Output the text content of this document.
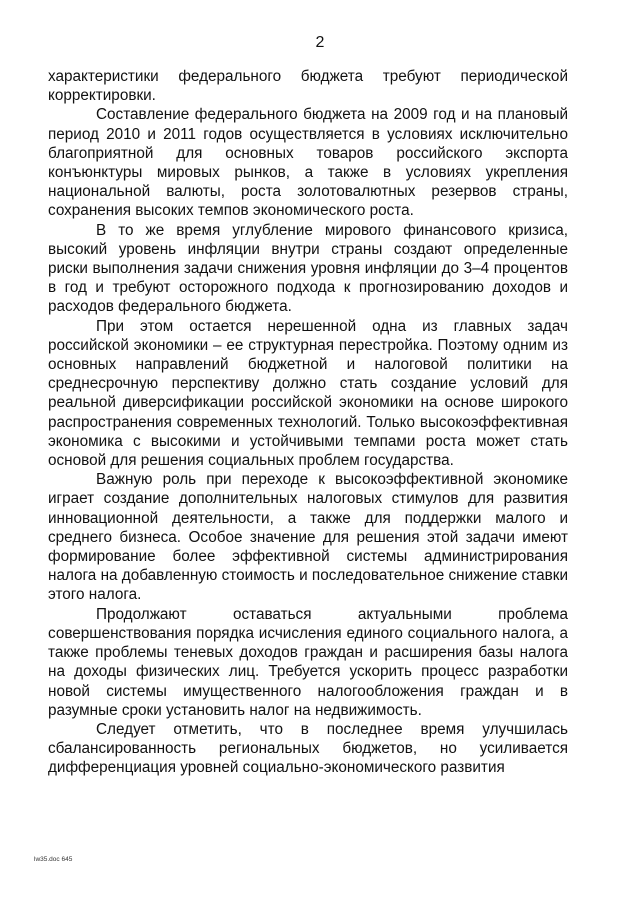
2

характеристики федерального бюджета требуют периодической корректировки.

Составление федерального бюджета на 2009 год и на плановый период 2010 и 2011 годов осуществляется в условиях исключительно благоприятной для основных товаров российского экспорта конъюнктуры мировых рынков, а также в условиях укрепления национальной валюты, роста золотовалютных резервов страны, сохранения высоких темпов экономического роста.

В то же время углубление мирового финансового кризиса, высокий уровень инфляции внутри страны создают определенные риски выполнения задачи снижения уровня инфляции до 3–4 процентов в год и требуют осторожного подхода к прогнозированию доходов и расходов федерального бюджета.

При этом остается нерешенной одна из главных задач российской экономики – ее структурная перестройка. Поэтому одним из основных направлений бюджетной и налоговой политики на среднесрочную перспективу должно стать создание условий для реальной диверсификации российской экономики на основе широкого распространения современных технологий. Только высокоэффективная экономика с высокими и устойчивыми темпами роста может стать основой для решения социальных проблем государства.

Важную роль при переходе к высокоэффективной экономике играет создание дополнительных налоговых стимулов для развития инновационной деятельности, а также для поддержки малого и среднего бизнеса. Особое значение для решения этой задачи имеют формирование более эффективной системы администрирования налога на добавленную стоимость и последовательное снижение ставки этого налога.

Продолжают оставаться актуальными проблема совершенствования порядка исчисления единого социального налога, а также проблемы теневых доходов граждан и расширения базы налога на доходы физических лиц. Требуется ускорить процесс разработки новой системы имущественного налогообложения граждан и в разумные сроки установить налог на недвижимость.

Следует отметить, что в последнее время улучшилась сбалансированность региональных бюджетов, но усиливается дифференциация уровней социально-экономического развития

lw35.doc 645
